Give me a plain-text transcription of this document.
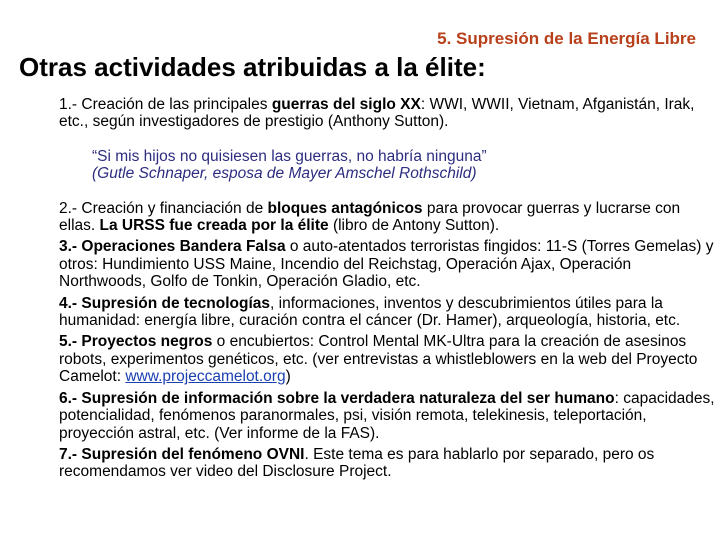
5. Supresión de la Energía Libre
Otras actividades atribuidas a la élite:

1.- Creación de las principales guerras del siglo XX: WWI, WWII, Vietnam, Afganistán, Irak, etc., según investigadores de prestigio (Anthony Sutton).

“Si mis hijos no quisiesen las guerras, no habría ninguna”
(Gutle Schnaper, esposa de Mayer Amschel Rothschild)

2.- Creación y financiación de bloques antagónicos para provocar guerras y lucrarse con ellas. La URSS fue creada por la élite (libro de Antony Sutton).

3.- Operaciones Bandera Falsa o auto-atentados terroristas fingidos: 11-S (Torres Gemelas) y otros: Hundimiento USS Maine, Incendio del Reichstag, Operación Ajax, Operación Northwoods, Golfo de Tonkin, Operación Gladio, etc.

4.- Supresión de tecnologías, informaciones, inventos y descubrimientos útiles para la humanidad: energía libre, curación contra el cáncer (Dr. Hamer), arqueología, historia, etc.

5.- Proyectos negros o encubiertos: Control Mental MK-Ultra para la creación de asesinos robots, experimentos genéticos, etc. (ver entrevistas a whistleblowers en la web del Proyecto Camelot: www.projeccamelot.org)

6.- Supresión de información sobre la verdadera naturaleza del ser humano: capacidades, potencialidad, fenómenos paranormales, psi, visión remota, telekinesis, teleportación, proyección astral, etc. (Ver informe de la FAS).

7.- Supresión del fenómeno OVNI. Este tema es para hablarlo por separado, pero os recomendamos ver video del Disclosure Project.
